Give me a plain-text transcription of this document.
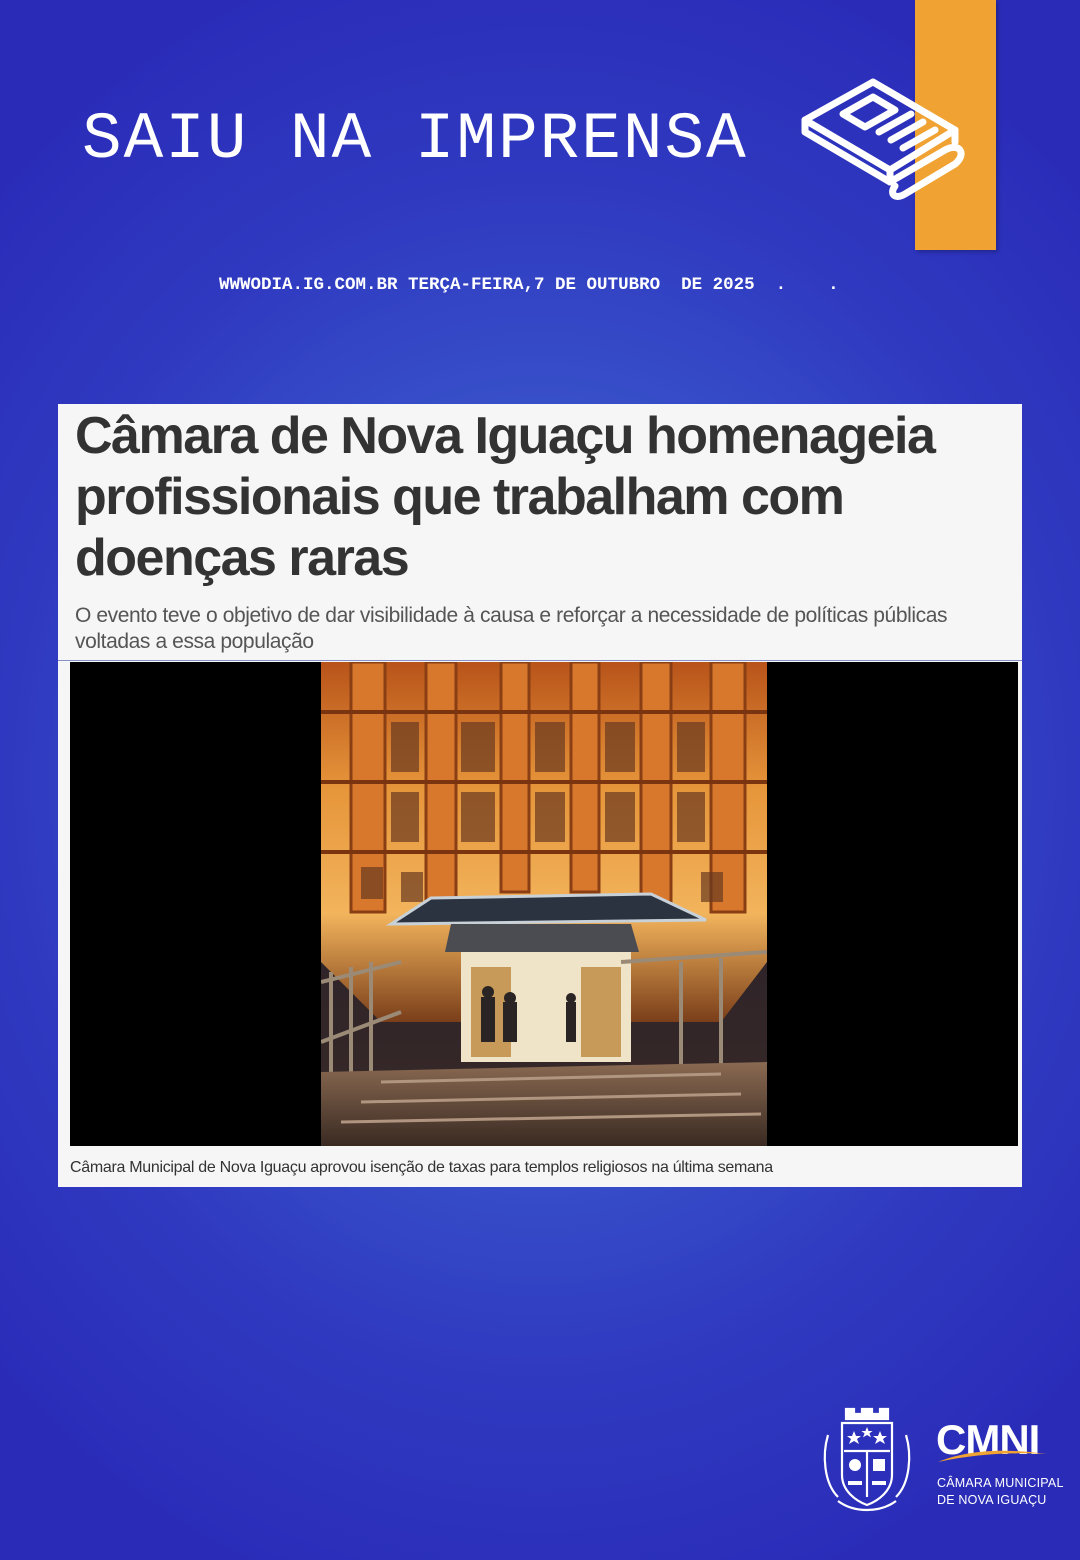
SAIU NA IMPRENSA
WWWODIA.IG.COM.BR TERÇA-FEIRA,7 DE OUTUBRO  DE 2025  .    .
Câmara de Nova Iguaçu homenageia profissionais que trabalham com doenças raras

O evento teve o objetivo de dar visibilidade à causa e reforçar a necessidade de políticas públicas voltadas a essa população

Câmara Municipal de Nova Iguaçu aprovou isenção de taxas para templos religiosos na última semana
CMNI
CÂMARA MUNICIPAL
DE NOVA IGUAÇU
